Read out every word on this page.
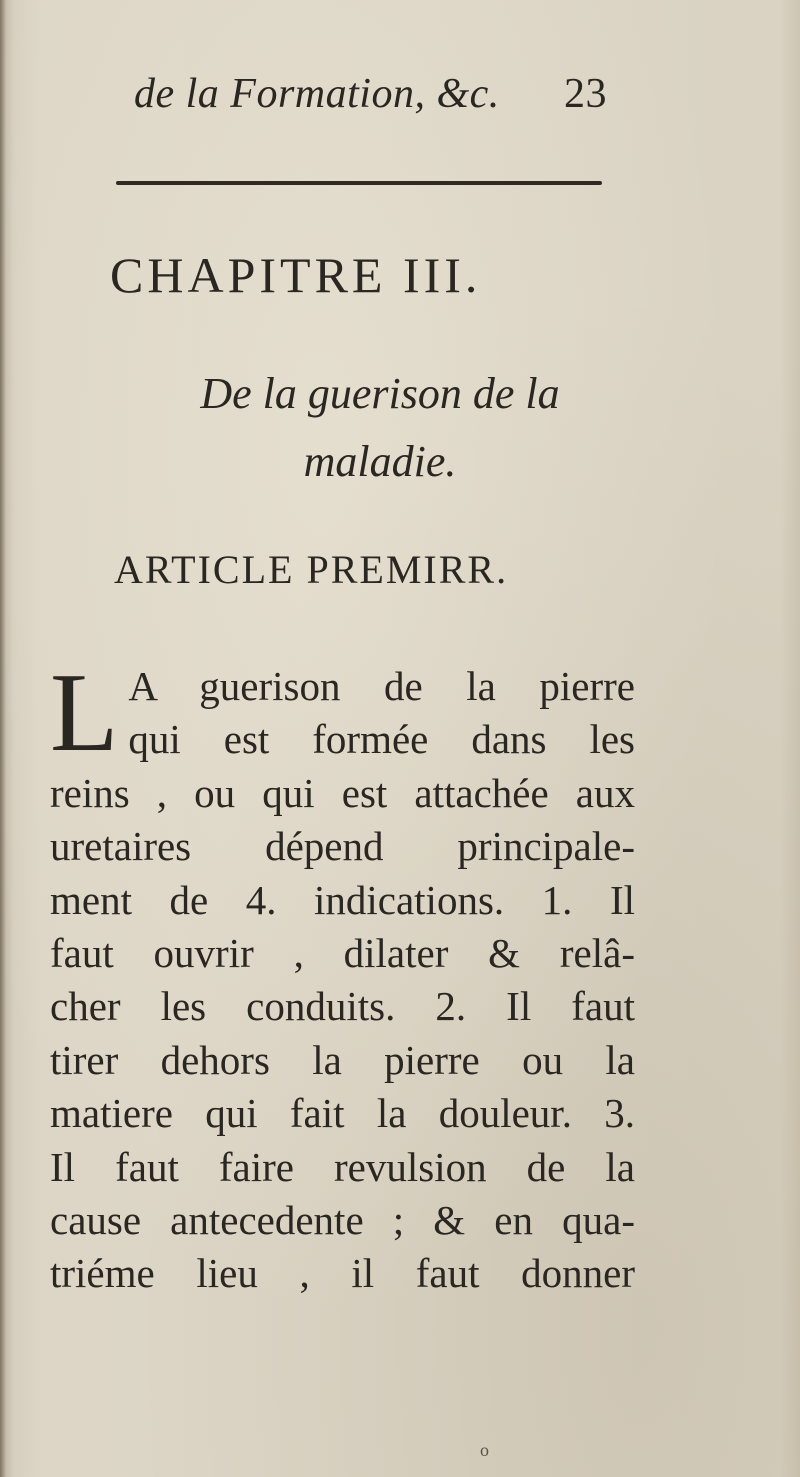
de la Formation, &c. 23
CHAPITRE III.
De la guerison de la
maladie.
ARTICLE PREMIRR.
L A guerison de la pierre
qui est formée dans les
reins , ou qui est attachée aux
uretaires dépend principale-
ment de 4. indications. 1. Il
faut ouvrir , dilater & relâ-
cher les conduits. 2. Il faut
tirer dehors la pierre ou la
matiere qui fait la douleur. 3.
Il faut faire revulsion de la
cause antecedente ; & en qua-
triéme lieu , il faut donner
o
